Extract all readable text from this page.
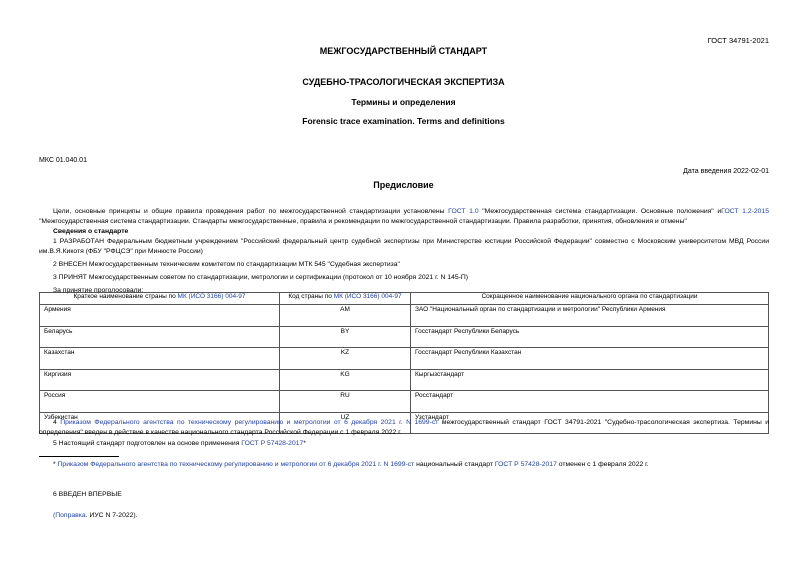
ГОСТ 34791-2021
МЕЖГОСУДАРСТВЕННЫЙ СТАНДАРТ
СУДЕБНО-ТРАСОЛОГИЧЕСКАЯ ЭКСПЕРТИЗА
Термины и определения
Forensic trace examination. Terms and definitions
МКС 01.040.01
Дата введения 2022-02-01
Предисловие

Цели, основные принципы и общие правила проведения работ по межгосударственной стандартизации установлены ГОСТ 1.0 "Межгосударственная система стандартизации. Основные положения" иГОСТ 1.2-2015 "Межгосударственная система стандартизации. Стандарты межгосударственные, правила и рекомендации по межгосударственной стандартизации. Правила разработки, принятия, обновления и отмены"

Сведения о стандарте

1 РАЗРАБОТАН Федеральным бюджетным учреждением "Российский федеральный центр судебной экспертизы при Министерстве юстиции Российской Федерации" совместно с Московским университетом МВД России им.В.Я.Кикотя (ФБУ "РФЦСЭ" при Минюсте России)

2 ВНЕСЕН Межгосударственным техническим комитетом по стандартизации МТК 545 "Судебная экспертиза"

3 ПРИНЯТ Межгосударственным советом по стандартизации, метрологии и сертификации (протокол от 10 ноября 2021 г. N 145-П)

За принятие проголосовали:

Краткое наименование страны по МК (ИСО 3166) 004-97	Код страны по МК (ИСО 3166) 004-97	Сокращенное наименование национального органа по стандартизации
Армения	AM	ЗАО "Национальный орган по стандартизации и метрологии" Республики Армения
Беларусь	BY	Госстандарт Республики Беларусь
Казахстан	KZ	Госстандарт Республики Казахстан
Киргизия	KG	Кыргызстандарт
Россия	RU	Росстандарт
Узбекистан	UZ	Узстандарт

4 Приказом Федерального агентства по техническому регулированию и метрологии от 6 декабря 2021 г. N 1699-ст межгосударственный стандарт ГОСТ 34791-2021 "Судебно-трасологическая экспертиза. Термины и определения" введен в действие в качестве национального стандарта Российской Федерации с 1 февраля 2022 г.

5 Настоящий стандарт подготовлен на основе применения ГОСТ Р 57428-2017*

* Приказом Федерального агентства по техническому регулированию и метрологии от 6 декабря 2021 г. N 1699-ст национальный стандарт ГОСТ Р 57428-2017 отменен с 1 февраля 2022 г.
6 ВВЕДЕН ВПЕРВЫЕ
(Поправка. ИУС N 7-2022).
